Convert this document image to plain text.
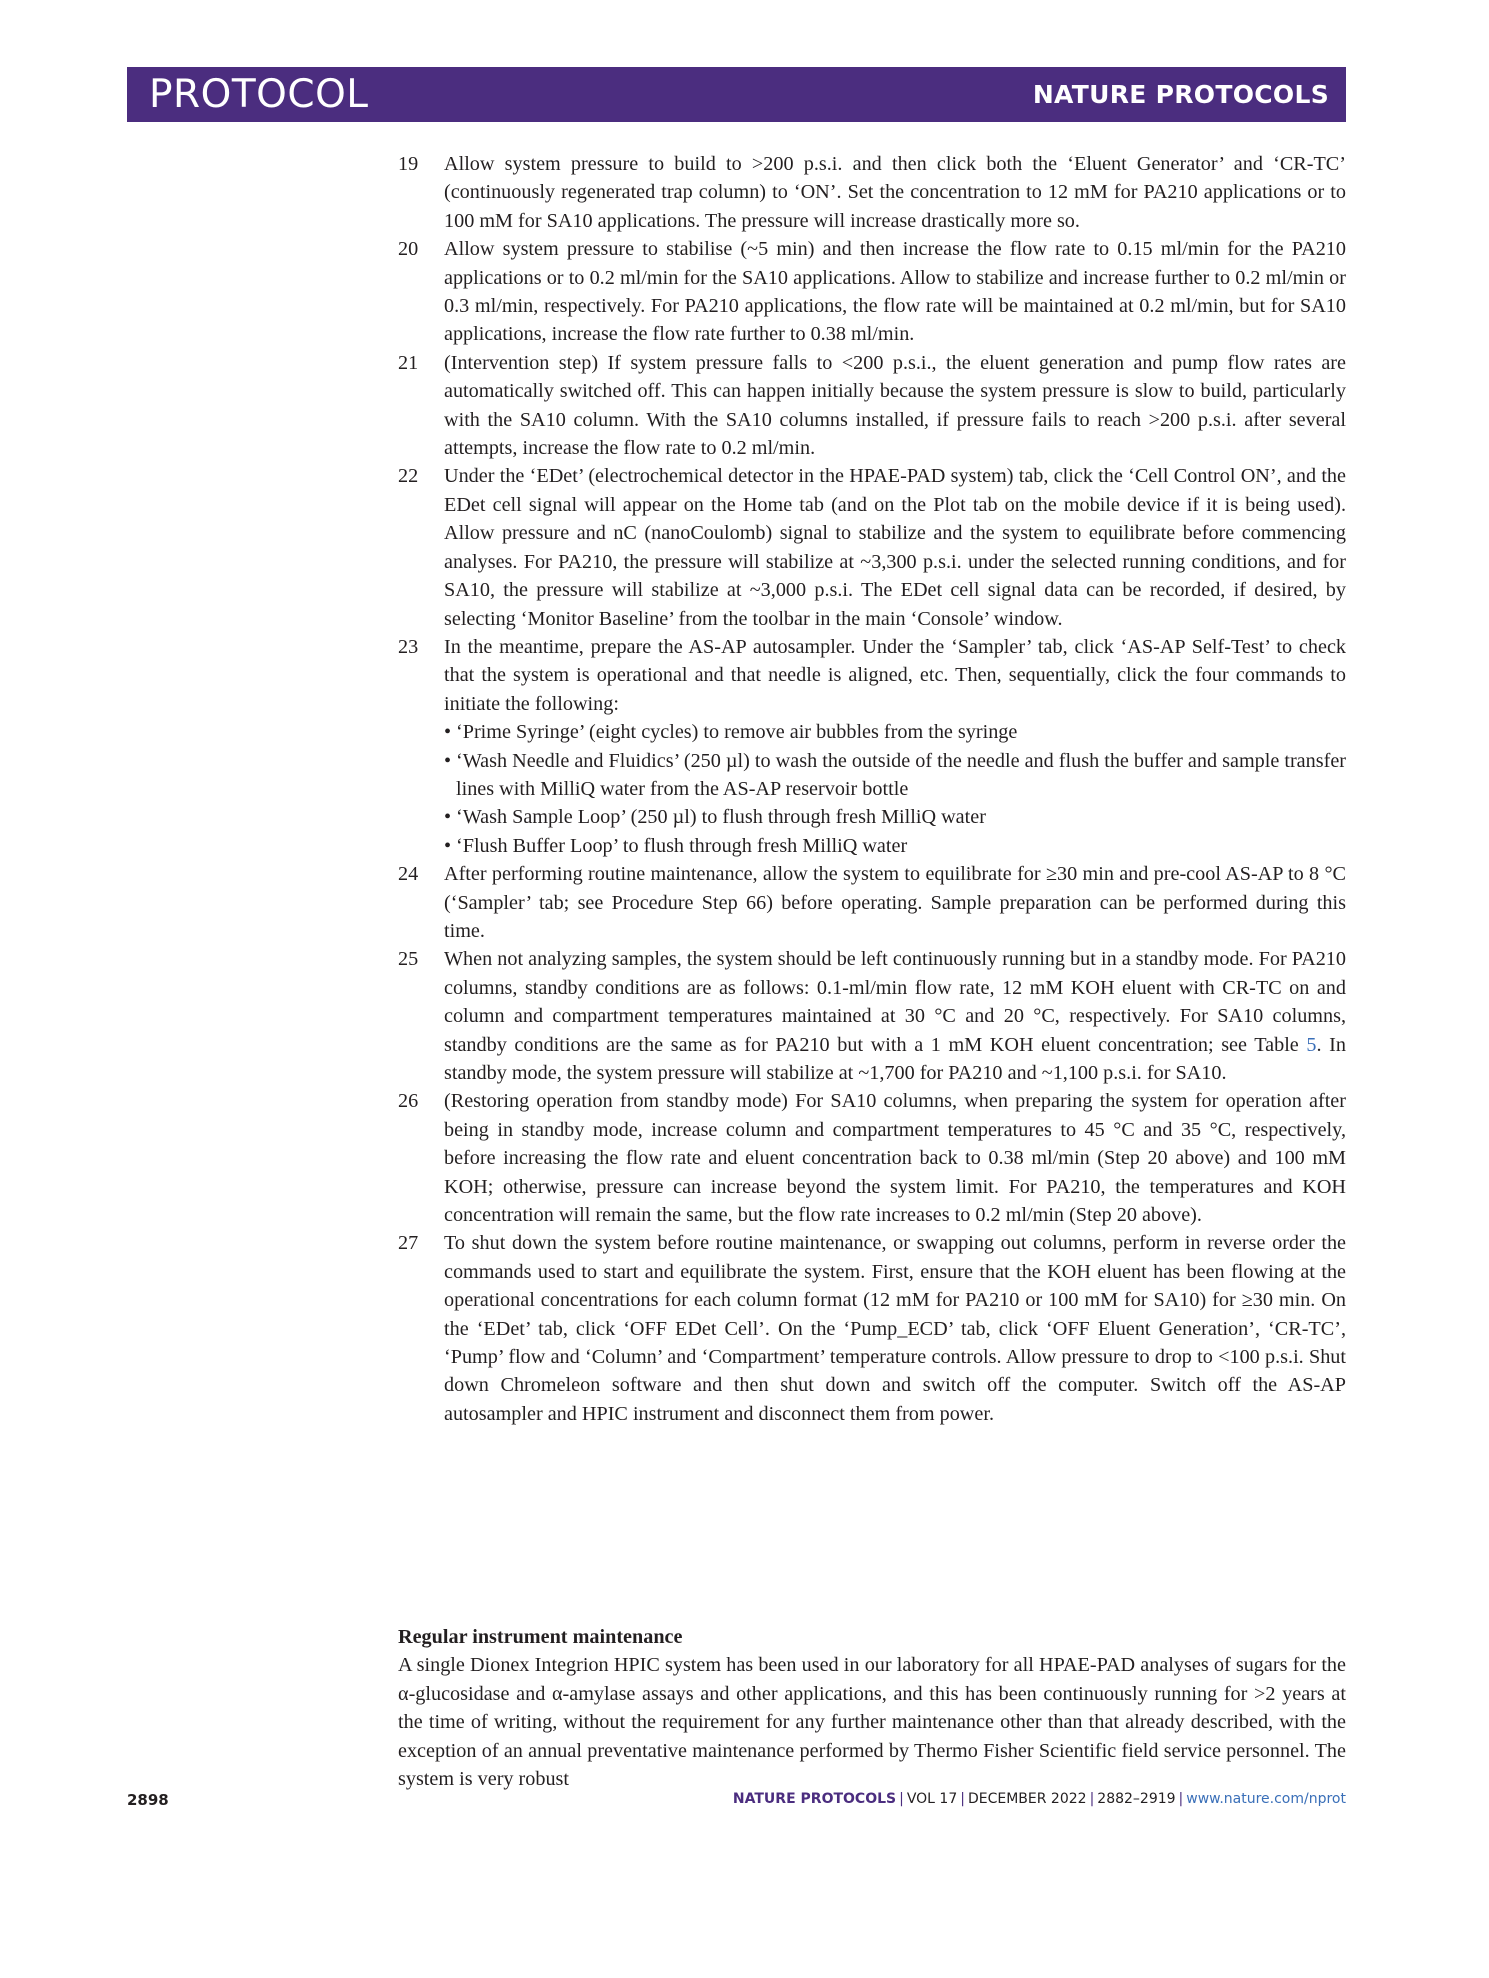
PROTOCOL	NATURE PROTOCOLS
19 Allow system pressure to build to >200 p.s.i. and then click both the ‘Eluent Generator’ and ‘CR-TC’ (continuously regenerated trap column) to ‘ON’. Set the concentration to 12 mM for PA210 applications or to 100 mM for SA10 applications. The pressure will increase drastically more so.
20 Allow system pressure to stabilise (~5 min) and then increase the flow rate to 0.15 ml/min for the PA210 applications or to 0.2 ml/min for the SA10 applications. Allow to stabilize and increase further to 0.2 ml/min or 0.3 ml/min, respectively. For PA210 applications, the flow rate will be maintained at 0.2 ml/min, but for SA10 applications, increase the flow rate further to 0.38 ml/min.
21 (Intervention step) If system pressure falls to <200 p.s.i., the eluent generation and pump flow rates are automatically switched off. This can happen initially because the system pressure is slow to build, particularly with the SA10 column. With the SA10 columns installed, if pressure fails to reach >200 p.s.i. after several attempts, increase the flow rate to 0.2 ml/min.
22 Under the ‘EDet’ (electrochemical detector in the HPAE-PAD system) tab, click the ‘Cell Control ON’, and the EDet cell signal will appear on the Home tab (and on the Plot tab on the mobile device if it is being used). Allow pressure and nC (nanoCoulomb) signal to stabilize and the system to equilibrate before commencing analyses. For PA210, the pressure will stabilize at ~3,300 p.s.i. under the selected running conditions, and for SA10, the pressure will stabilize at ~3,000 p.s.i. The EDet cell signal data can be recorded, if desired, by selecting ‘Monitor Baseline’ from the toolbar in the main ‘Console’ window.
23 In the meantime, prepare the AS-AP autosampler. Under the ‘Sampler’ tab, click ‘AS-AP Self-Test’ to check that the system is operational and that needle is aligned, etc. Then, sequentially, click the four commands to initiate the following:
• ‘Prime Syringe’ (eight cycles) to remove air bubbles from the syringe
• ‘Wash Needle and Fluidics’ (250 µl) to wash the outside of the needle and flush the buffer and sample transfer lines with MilliQ water from the AS-AP reservoir bottle
• ‘Wash Sample Loop’ (250 µl) to flush through fresh MilliQ water
• ‘Flush Buffer Loop’ to flush through fresh MilliQ water
24 After performing routine maintenance, allow the system to equilibrate for ≥30 min and pre-cool AS-AP to 8 °C (‘Sampler’ tab; see Procedure Step 66) before operating. Sample preparation can be performed during this time.
25 When not analyzing samples, the system should be left continuously running but in a standby mode. For PA210 columns, standby conditions are as follows: 0.1-ml/min flow rate, 12 mM KOH eluent with CR-TC on and column and compartment temperatures maintained at 30 °C and 20 °C, respectively. For SA10 columns, standby conditions are the same as for PA210 but with a 1 mM KOH eluent concentration; see Table 5. In standby mode, the system pressure will stabilize at ~1,700 for PA210 and ~1,100 p.s.i. for SA10.
26 (Restoring operation from standby mode) For SA10 columns, when preparing the system for operation after being in standby mode, increase column and compartment temperatures to 45 °C and 35 °C, respectively, before increasing the flow rate and eluent concentration back to 0.38 ml/min (Step 20 above) and 100 mM KOH; otherwise, pressure can increase beyond the system limit. For PA210, the temperatures and KOH concentration will remain the same, but the flow rate increases to 0.2 ml/min (Step 20 above).
27 To shut down the system before routine maintenance, or swapping out columns, perform in reverse order the commands used to start and equilibrate the system. First, ensure that the KOH eluent has been flowing at the operational concentrations for each column format (12 mM for PA210 or 100 mM for SA10) for ≥30 min. On the ‘EDet’ tab, click ‘OFF EDet Cell’. On the ‘Pump_ECD’ tab, click ‘OFF Eluent Generation’, ‘CR-TC’, ‘Pump’ flow and ‘Column’ and ‘Compartment’ temperature controls. Allow pressure to drop to <100 p.s.i. Shut down Chromeleon software and then shut down and switch off the computer. Switch off the AS-AP autosampler and HPIC instrument and disconnect them from power.
Regular instrument maintenance
A single Dionex Integrion HPIC system has been used in our laboratory for all HPAE-PAD analyses of sugars for the α-glucosidase and α-amylase assays and other applications, and this has been continuously running for >2 years at the time of writing, without the requirement for any further maintenance other than that already described, with the exception of an annual preventative maintenance performed by Thermo Fisher Scientific field service personnel. The system is very robust
2898	NATURE PROTOCOLS | VOL 17 | DECEMBER 2022 | 2882–2919 | www.nature.com/nprot
